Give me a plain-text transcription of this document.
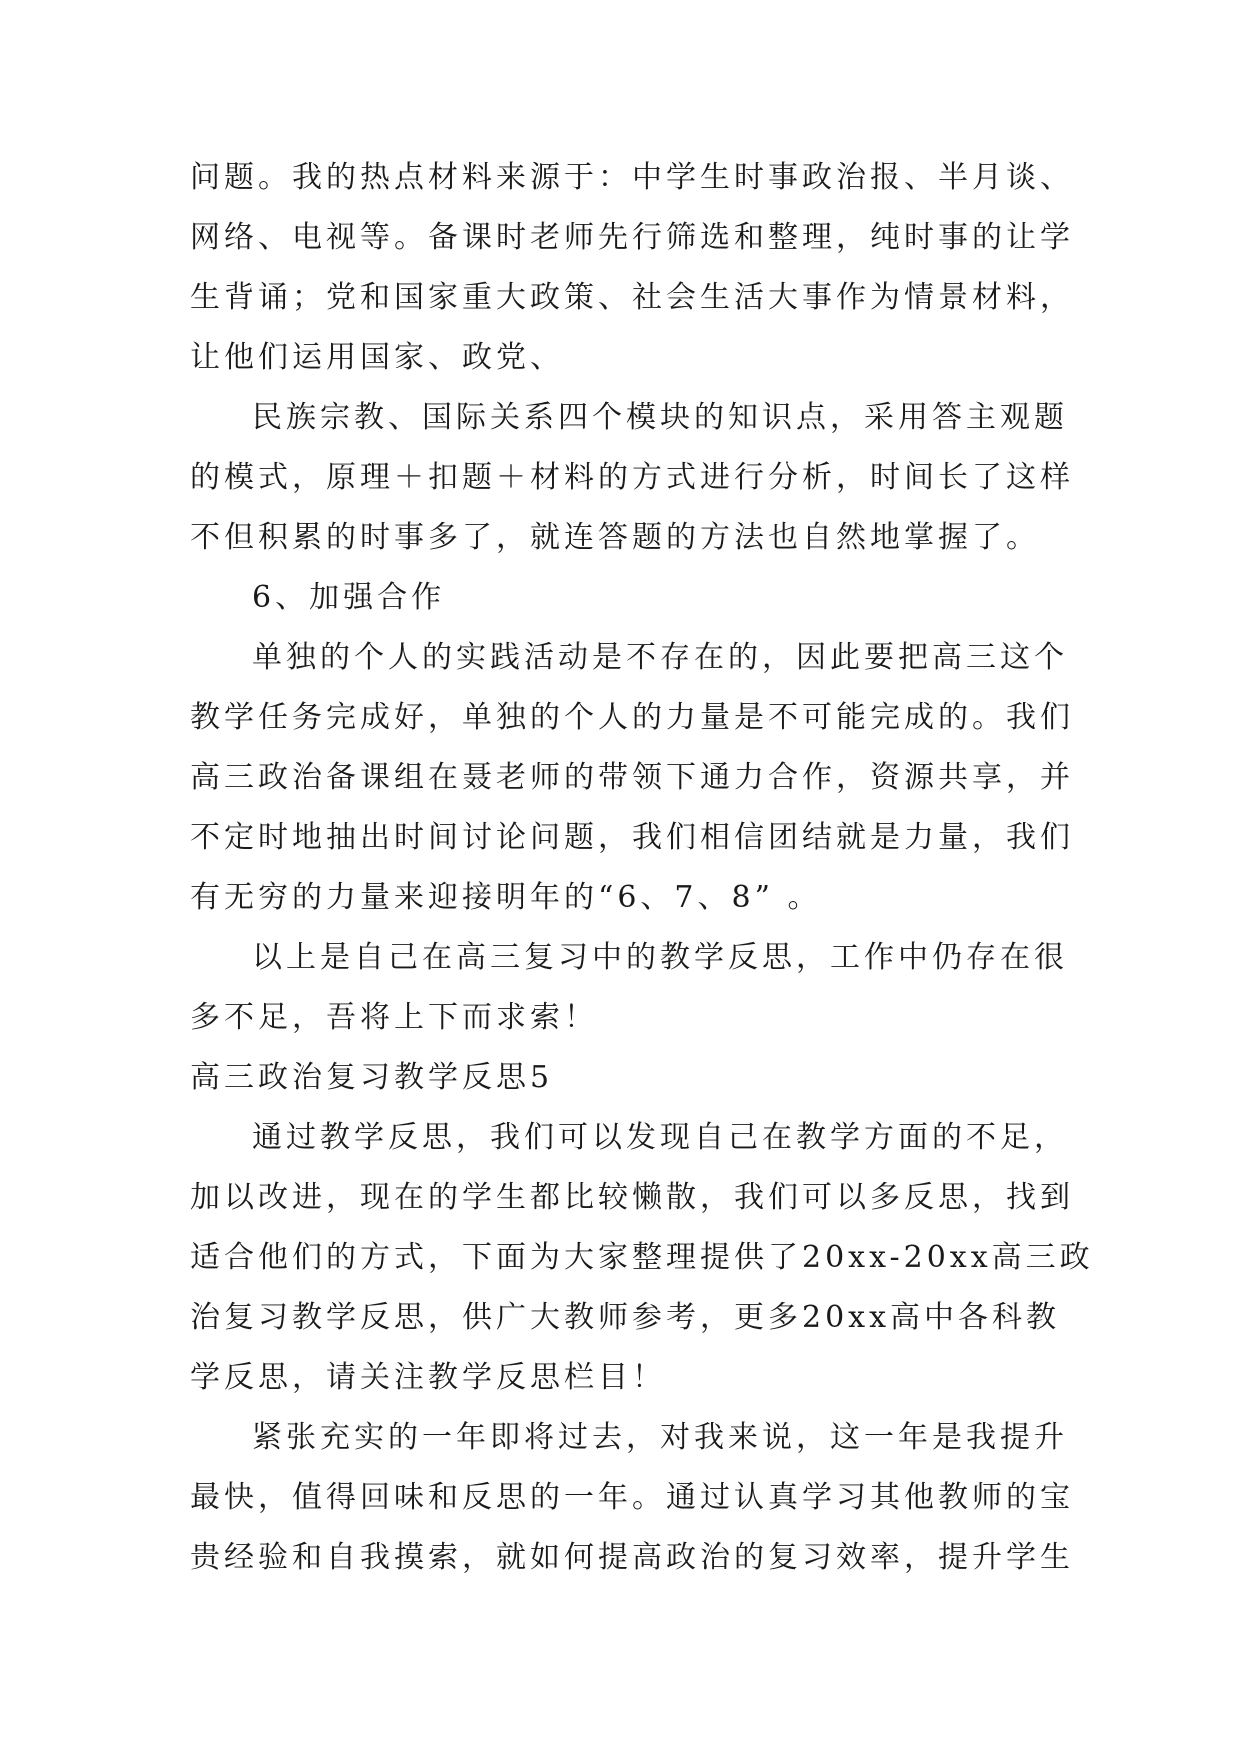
问题。我的热点材料来源于：中学生时事政治报、半月谈、
网络、电视等。备课时老师先行筛选和整理，纯时事的让学
生背诵；党和国家重大政策、社会生活大事作为情景材料，
让他们运用国家、政党、
民族宗教、国际关系四个模块的知识点，采用答主观题
的模式，原理＋扣题＋材料的方式进行分析，时间长了这样
不但积累的时事多了，就连答题的方法也自然地掌握了。
6、加强合作
单独的个人的实践活动是不存在的，因此要把高三这个
教学任务完成好，单独的个人的力量是不可能完成的。我们
高三政治备课组在聂老师的带领下通力合作，资源共享，并
不定时地抽出时间讨论问题，我们相信团结就是力量，我们
有无穷的力量来迎接明年的“6、7、8” 。
以上是自己在高三复习中的教学反思，工作中仍存在很
多不足，吾将上下而求索！
高三政治复习教学反思5
通过教学反思，我们可以发现自己在教学方面的不足，
加以改进，现在的学生都比较懒散，我们可以多反思，找到
适合他们的方式，下面为大家整理提供了20xx-20xx高三政
治复习教学反思，供广大教师参考，更多20xx高中各科教
学反思，请关注教学反思栏目！
紧张充实的一年即将过去，对我来说，这一年是我提升
最快，值得回味和反思的一年。通过认真学习其他教师的宝
贵经验和自我摸索，就如何提高政治的复习效率，提升学生
